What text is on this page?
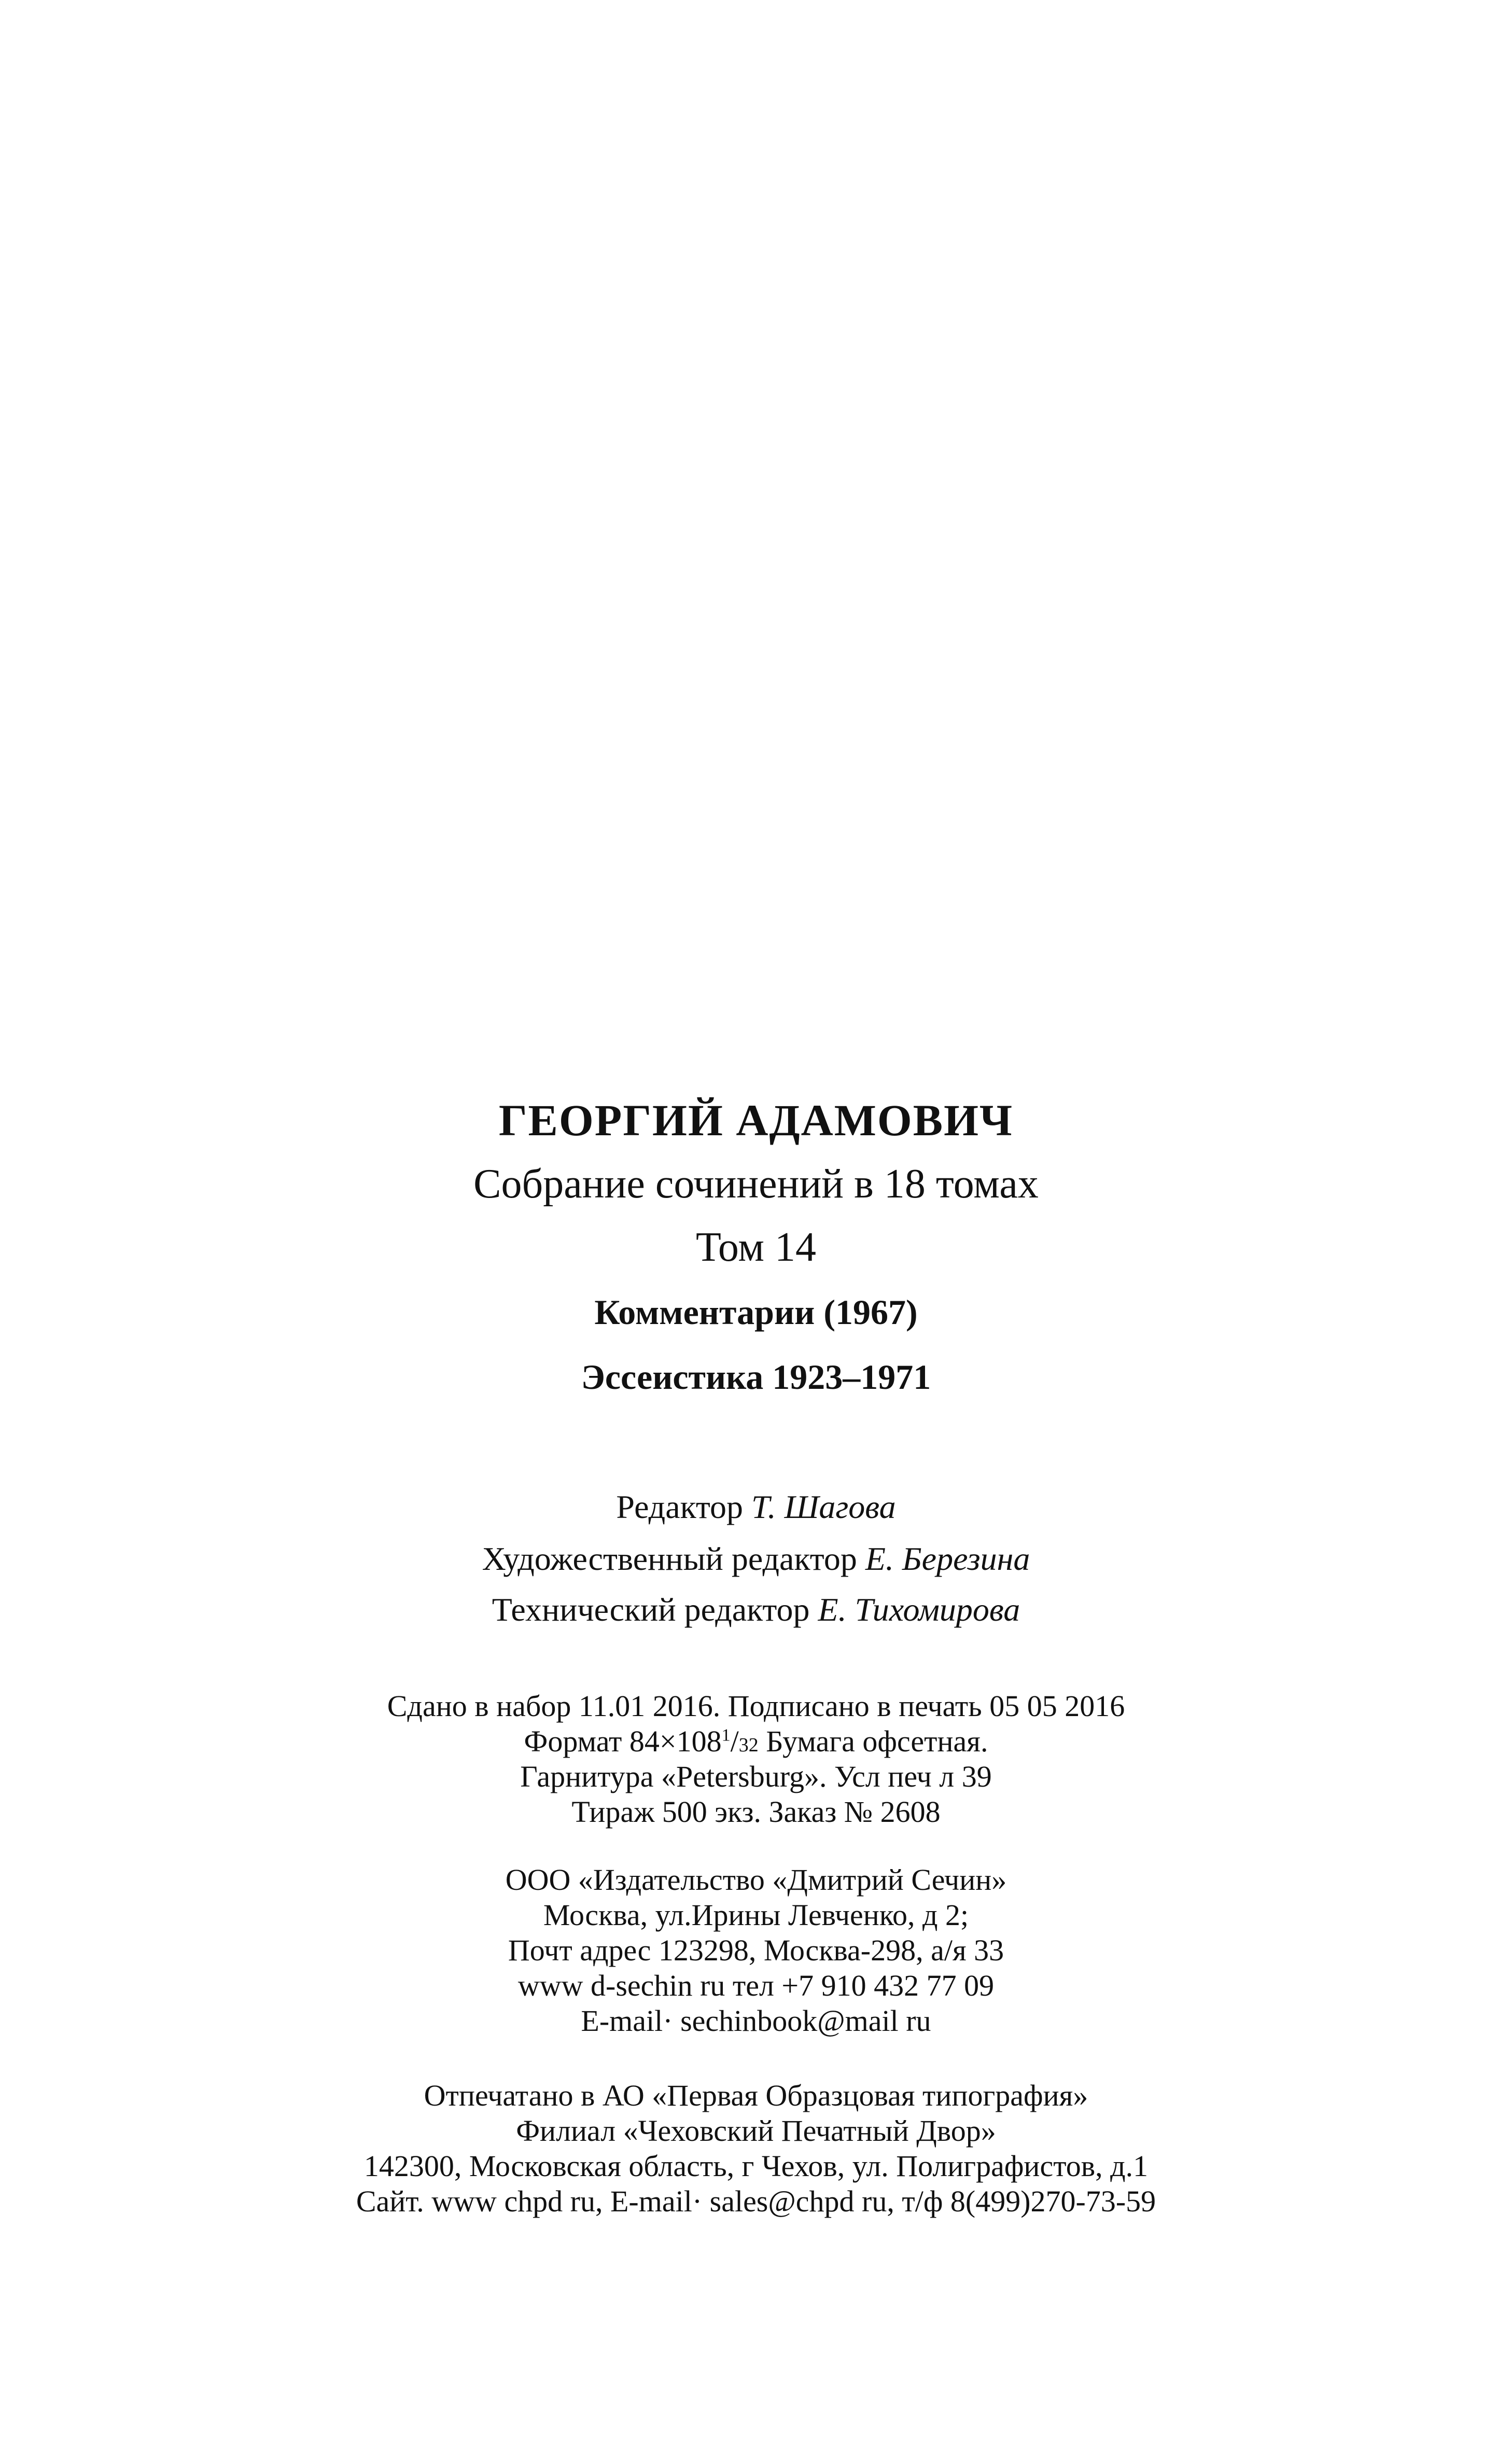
ГЕОРГИЙ АДАМОВИЧ
Собрание сочинений в 18 томах
Том 14
Комментарии (1967)
Эссеистика 1923–1971
Редактор Т. Шагова
Художественный редактор Е. Березина
Технический редактор Е. Тихомирова
Сдано в набор 11.01 2016. Подписано в печать 05 05 2016
Формат $84\times 108^1/32$ Бумага офсетная.
Гарнитура «Petersburg». Усл печ л 39
Тираж 500 экз. Заказ № 2608
ООО «Издательство «Дмитрий Сечин»
Москва, ул.Ирины Левченко, д 2;
Почт адрес 123298, Москва-298, а/я 33
www d-sechin ru тел +7 910 432 77 09
E-mail· sechinbook@mail ru
Отпечатано в АО «Первая Образцовая типография»
Филиал «Чеховский Печатный Двор»
142300, Московская область, г Чехов, ул. Полиграфистов, д.1
Сайт. www chpd ru, E-mail· sales@chpd ru, т/ф 8(499)270-73-59
